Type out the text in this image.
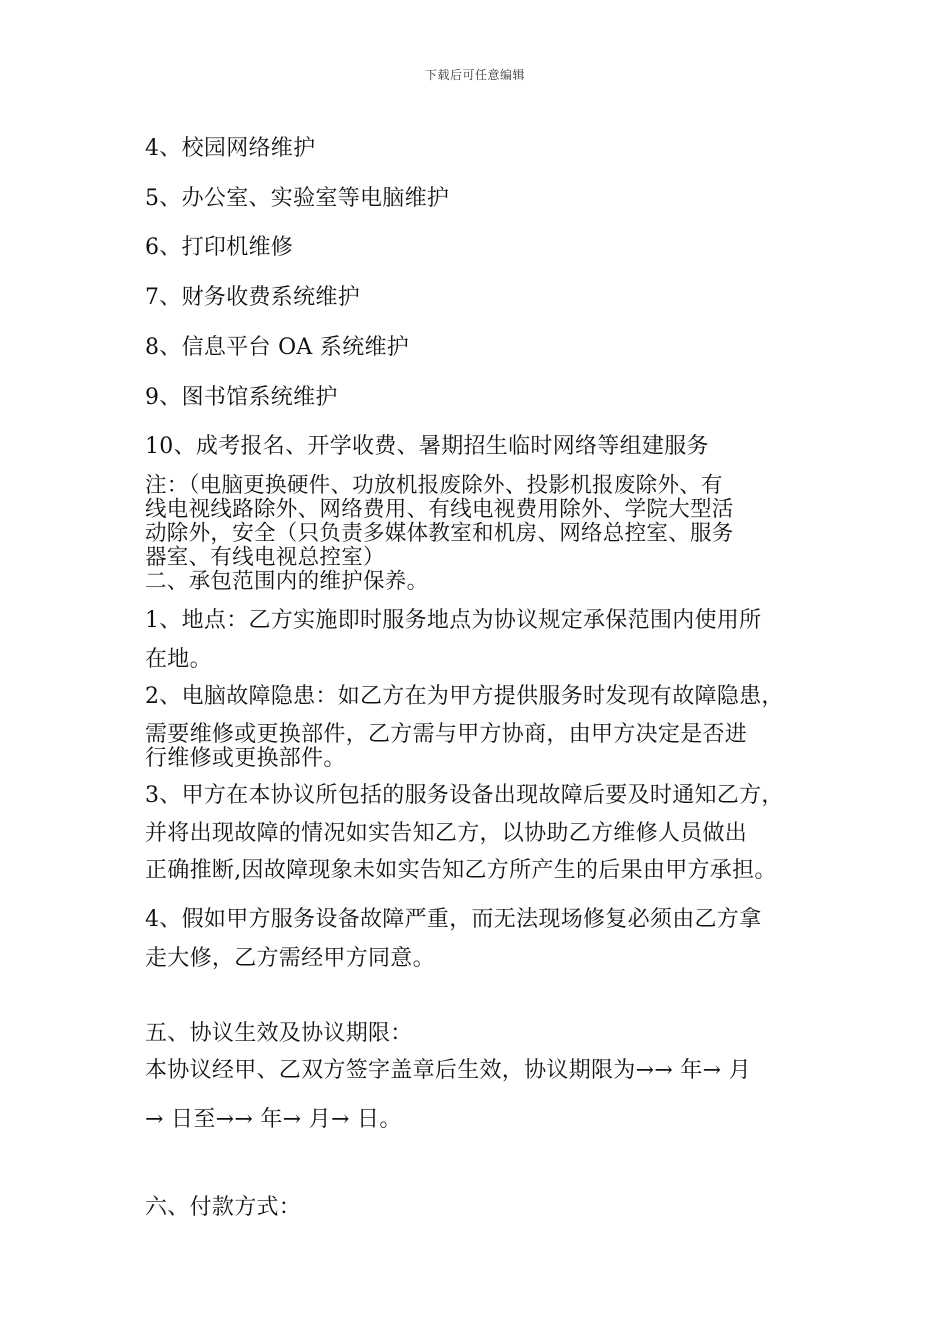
下载后可任意编辑
4、校园网络维护
5、办公室、实验室等电脑维护
6、打印机维修
7、财务收费系统维护
8、信息平台 OA 系统维护
9、图书馆系统维护
10、成考报名、开学收费、暑期招生临时网络等组建服务
注：（电脑更换硬件、功放机报废除外、投影机报废除外、有
线电视线路除外、网络费用、有线电视费用除外、学院大型活
动除外，安全（只负责多媒体教室和机房、网络总控室、服务
器室、有线电视总控室）
二、承包范围内的维护保养。
1、地点：乙方实施即时服务地点为协议规定承保范围内使用所
在地。
2、电脑故障隐患：如乙方在为甲方提供服务时发现有故障隐患，
需要维修或更换部件，乙方需与甲方协商，由甲方决定是否进
行维修或更换部件。
3、甲方在本协议所包括的服务设备出现故障后要及时通知乙方，
并将出现故障的情况如实告知乙方，以协助乙方维修人员做出
正确推断,因故障现象未如实告知乙方所产生的后果由甲方承担。
4、假如甲方服务设备故障严重，而无法现场修复必须由乙方拿
走大修，乙方需经甲方同意。
五、协议生效及协议期限：
本协议经甲、乙双方签字盖章后生效，协议期限为→→ 年→ 月
→ 日至→→ 年→ 月→ 日。
六、付款方式：
